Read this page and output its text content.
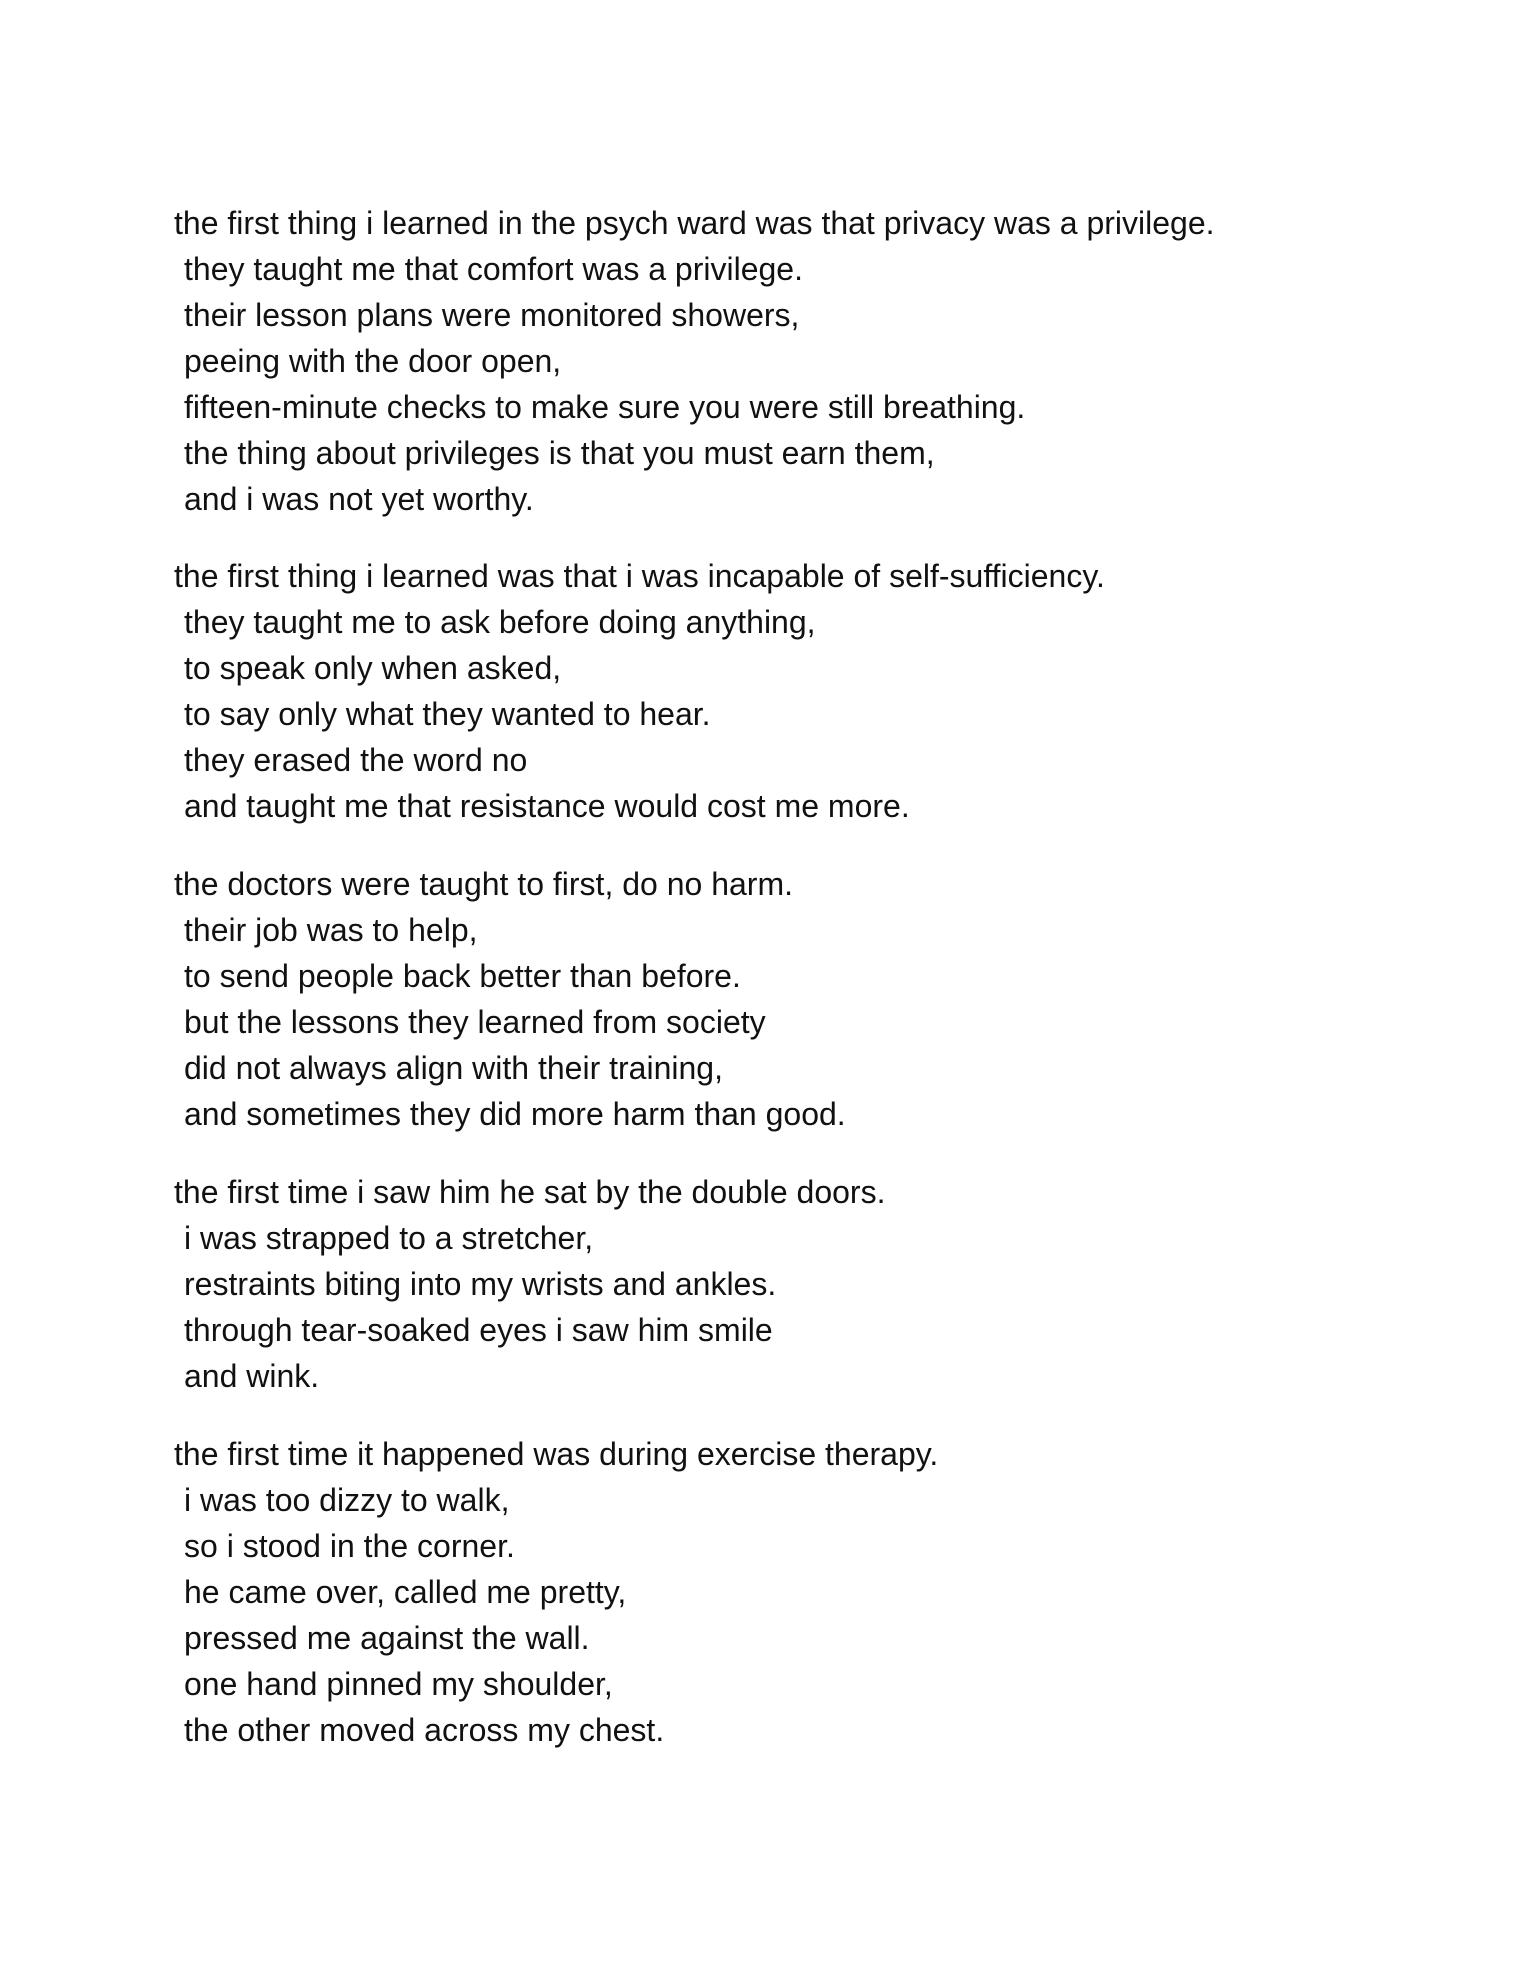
the first thing i learned in the psych ward was that privacy was a privilege.
they taught me that comfort was a privilege.
their lesson plans were monitored showers,
peeing with the door open,
fifteen-minute checks to make sure you were still breathing.
the thing about privileges is that you must earn them,
and i was not yet worthy.
the first thing i learned was that i was incapable of self-sufficiency.
they taught me to ask before doing anything,
to speak only when asked,
to say only what they wanted to hear.
they erased the word no
and taught me that resistance would cost me more.
the doctors were taught to first, do no harm.
their job was to help,
to send people back better than before.
but the lessons they learned from society
did not always align with their training,
and sometimes they did more harm than good.
the first time i saw him he sat by the double doors.
i was strapped to a stretcher,
restraints biting into my wrists and ankles.
through tear-soaked eyes i saw him smile
and wink.
the first time it happened was during exercise therapy.
i was too dizzy to walk,
so i stood in the corner.
he came over, called me pretty,
pressed me against the wall.
one hand pinned my shoulder,
the other moved across my chest.
